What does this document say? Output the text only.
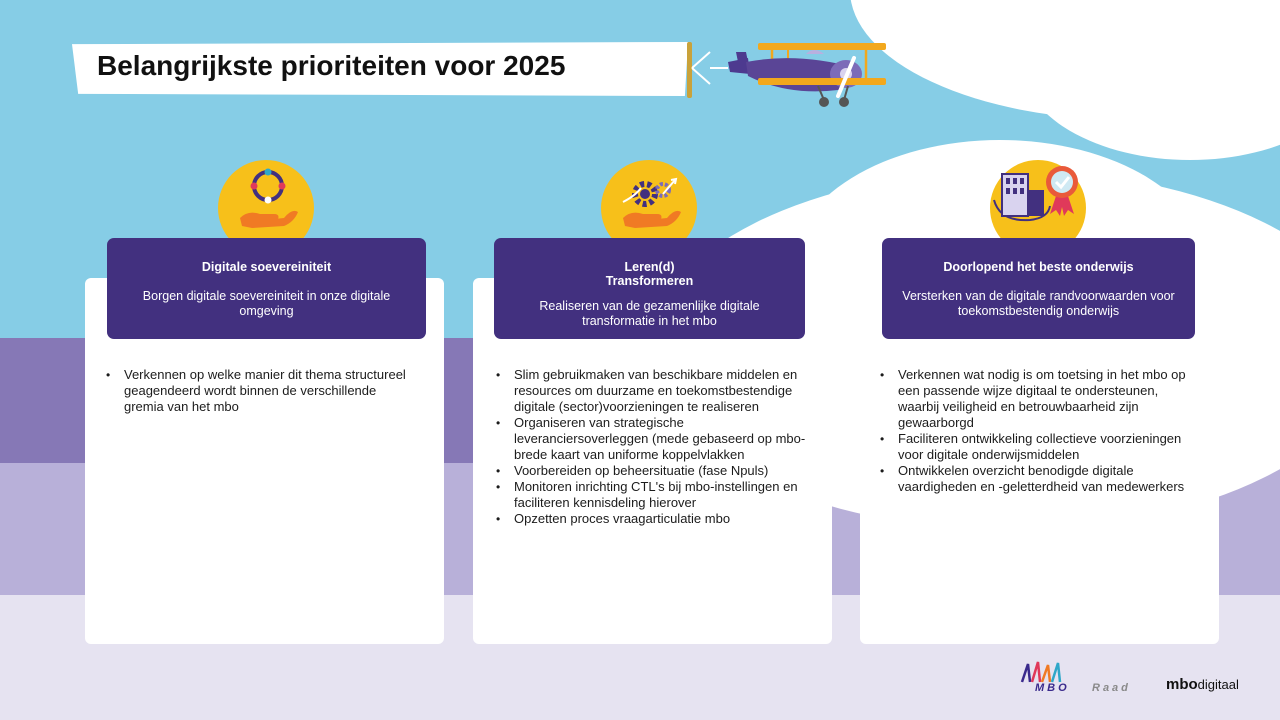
Belangrijkste prioriteiten voor 2025
Digitale soevereiniteit
Borgen digitale soevereiniteit in onze digitale omgeving
• Verkennen op welke manier dit thema structureel geagendeerd wordt binnen de verschillende gremia van het mbo
Leren(d)
Transformeren
Realiseren van de gezamenlijke digitale transformatie in het mbo
• Slim gebruikmaken van beschikbare middelen en resources om duurzame en toekomstbestendige digitale (sector)voorzieningen te realiseren
• Organiseren van strategische leveranciersoverleggen (mede gebaseerd op mbo-brede kaart van uniforme koppelvlakken
• Voorbereiden op beheersituatie (fase Npuls)
• Monitoren inrichting CTL's bij mbo-instellingen en faciliteren kennisdeling hierover
• Opzetten proces vraagarticulatie mbo
Doorlopend het beste onderwijs
Versterken van de digitale randvoorwaarden voor toekomstbestendig onderwijs
• Verkennen wat nodig is om toetsing in het mbo op een passende wijze digitaal te ondersteunen, waarbij veiligheid en betrouwbaarheid zijn gewaarborgd
• Faciliteren ontwikkeling collectieve voorzieningen voor digitale onderwijsmiddelen
• Ontwikkelen overzicht benodigde digitale vaardigheden en -geletterdheid van medewerkers
MBO Raad mbodigitaal
